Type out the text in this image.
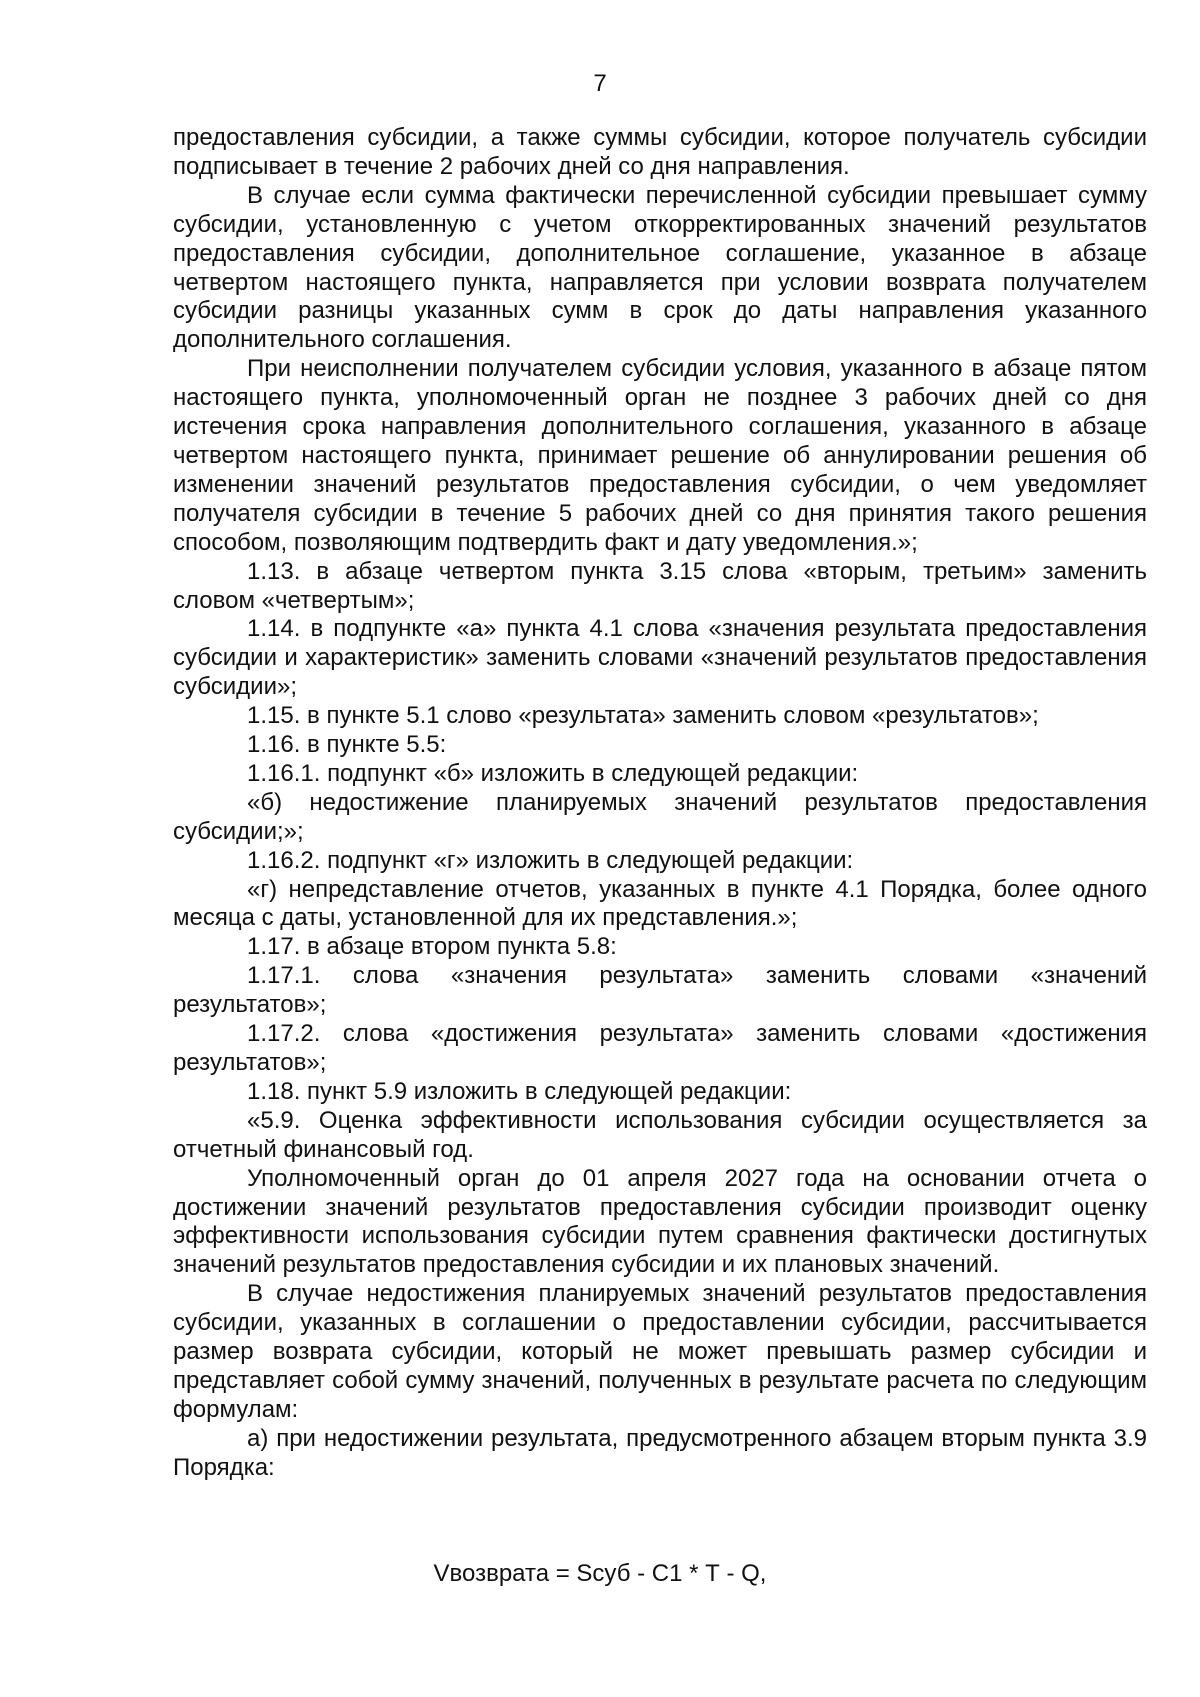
7

предоставления субсидии, а также суммы субсидии, которое получатель субсидии подписывает в течение 2 рабочих дней со дня направления.

В случае если сумма фактически перечисленной субсидии превышает сумму субсидии, установленную с учетом откорректированных значений результатов предоставления субсидии, дополнительное соглашение, указанное в абзаце четвертом настоящего пункта, направляется при условии возврата получателем субсидии разницы указанных сумм в срок до даты направления указанного дополнительного соглашения.

При неисполнении получателем субсидии условия, указанного в абзаце пятом настоящего пункта, уполномоченный орган не позднее 3 рабочих дней со дня истечения срока направления дополнительного соглашения, указанного в абзаце четвертом настоящего пункта, принимает решение об аннулировании решения об изменении значений результатов предоставления субсидии, о чем уведомляет получателя субсидии в течение 5 рабочих дней со дня принятия такого решения способом, позволяющим подтвердить факт и дату уведомления.»;

1.13. в абзаце четвертом пункта 3.15 слова «вторым, третьим» заменить словом «четвертым»;

1.14. в подпункте «а» пункта 4.1 слова «значения результата предоставления субсидии и характеристик» заменить словами «значений результатов предоставления субсидии»;

1.15. в пункте 5.1 слово «результата» заменить словом «результатов»;

1.16. в пункте 5.5:

1.16.1. подпункт «б» изложить в следующей редакции:

«б) недостижение планируемых значений результатов предоставления субсидии;»;

1.16.2. подпункт «г» изложить в следующей редакции:

«г) непредставление отчетов, указанных в пункте 4.1 Порядка, более одного месяца с даты, установленной для их представления.»;

1.17. в абзаце втором пункта 5.8:

1.17.1. слова «значения результата» заменить словами «значений результатов»;

1.17.2. слова «достижения результата» заменить словами «достижения результатов»;

1.18. пункт 5.9 изложить в следующей редакции:

«5.9. Оценка эффективности использования субсидии осуществляется за отчетный финансовый год.

Уполномоченный орган до 01 апреля 2027 года на основании отчета о достижении значений результатов предоставления субсидии производит оценку эффективности использования субсидии путем сравнения фактически достигнутых значений результатов предоставления субсидии и их плановых значений.

В случае недостижения планируемых значений результатов предоставления субсидии, указанных в соглашении о предоставлении субсидии, рассчитывается размер возврата субсидии, который не может превышать размер субсидии и представляет собой сумму значений, полученных в результате расчета по следующим формулам:

а) при недостижении результата, предусмотренного абзацем вторым пункта 3.9 Порядка:

Vвозврата = Sсуб - С1 * Т - Q,
